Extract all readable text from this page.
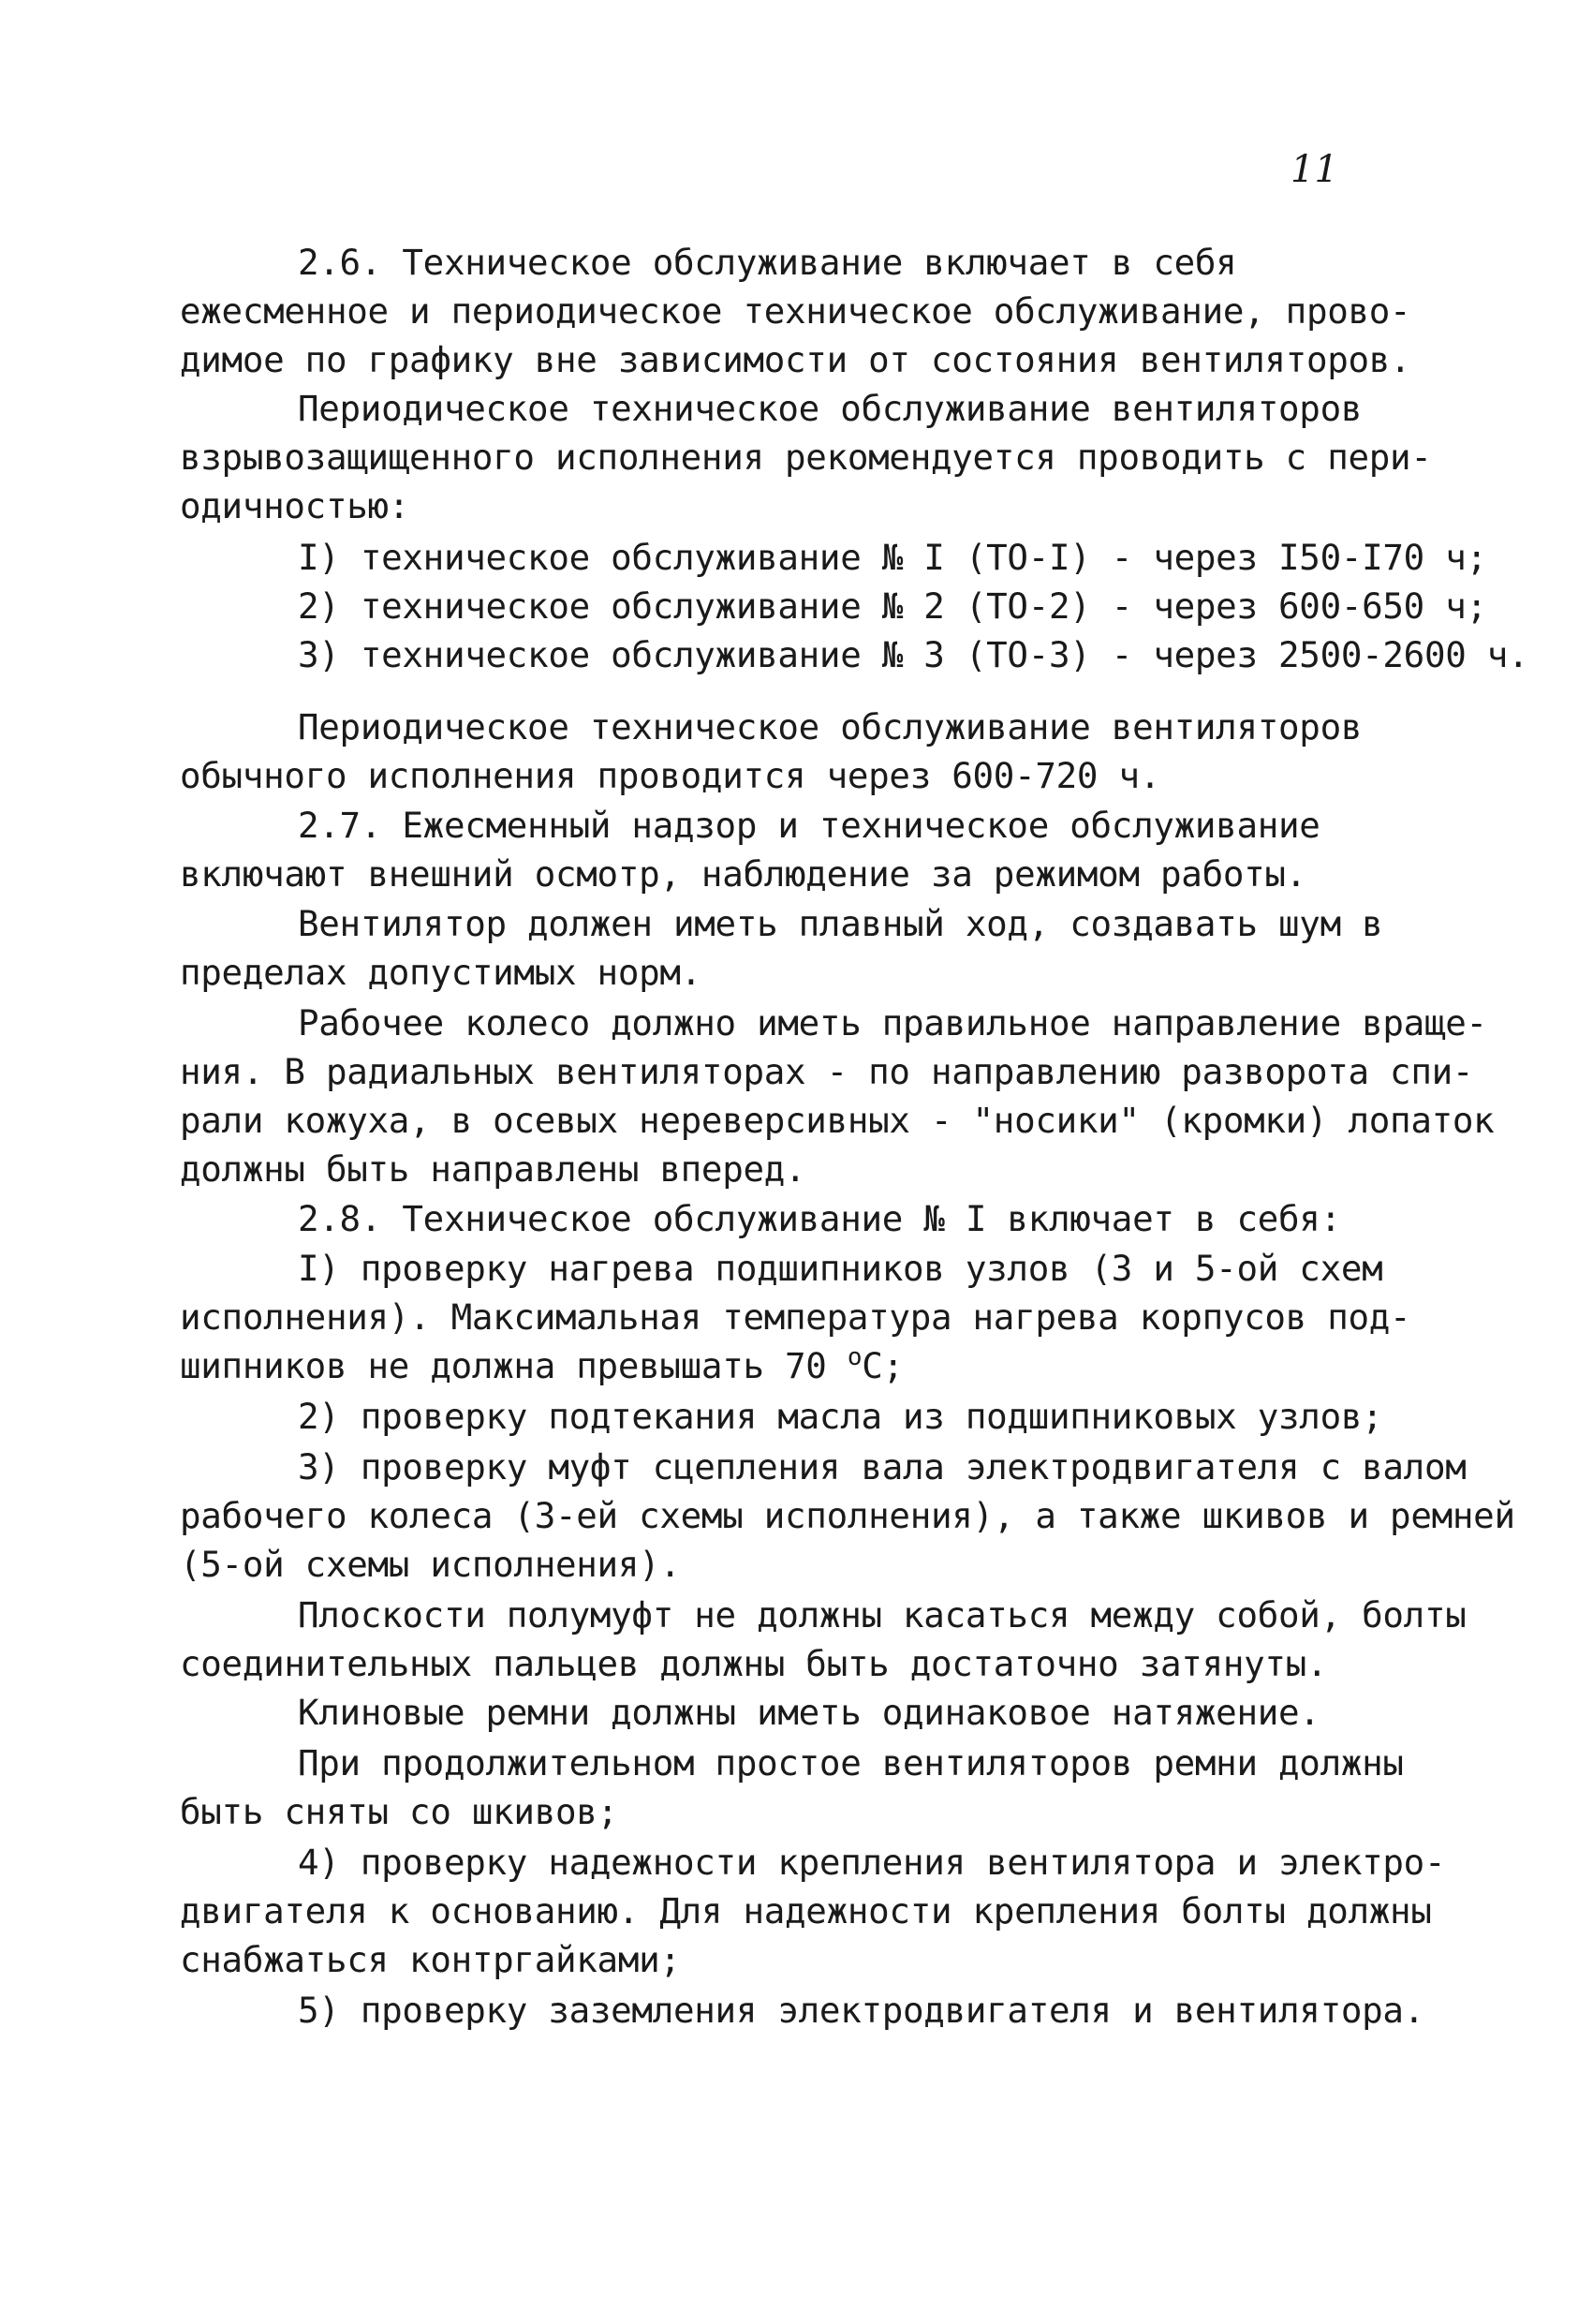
11
2.6. Техническое обслуживание включает в себя
ежесменное и периодическое техническое обслуживание, прово-
димое по графику вне зависимости от состояния вентиляторов.
Периодическое техническое обслуживание вентиляторов
взрывозащищенного исполнения рекомендуется проводить с пери-
одичностью:
I) техническое обслуживание № I (ТО-I) - через I50-I70 ч;
2) техническое обслуживание № 2 (ТО-2) - через 600-650 ч;
3) техническое обслуживание № 3 (ТО-3) - через 2500-2600 ч.
Периодическое техническое обслуживание вентиляторов
обычного исполнения проводится через 600-720 ч.
2.7. Ежесменный надзор и техническое обслуживание
включают внешний осмотр, наблюдение за режимом работы.
Вентилятор должен иметь плавный ход, создавать шум в
пределах допустимых норм.
Рабочее колесо должно иметь правильное направление враще-
ния. В радиальных вентиляторах - по направлению разворота спи-
рали кожуха, в осевых нереверсивных - "носики" (кромки) лопаток
должны быть направлены вперед.
2.8. Техническое обслуживание № I включает в себя:
I) проверку нагрева подшипников узлов (3 и 5-ой схем
исполнения). Максимальная температура нагрева корпусов под-
шипников не должна превышать 70 $^о$С;
2) проверку подтекания масла из подшипниковых узлов;
3) проверку муфт сцепления вала электродвигателя с валом
рабочего колеса (3-ей схемы исполнения), а также шкивов и ремней
(5-ой схемы исполнения).
Плоскости полумуфт не должны касаться между собой, болты
соединительных пальцев должны быть достаточно затянуты.
Клиновые ремни должны иметь одинаковое натяжение.
При продолжительном простое вентиляторов ремни должны
быть сняты со шкивов;
4) проверку надежности крепления вентилятора и электро-
двигателя к основанию. Для надежности крепления болты должны
снабжаться контргайками;
5) проверку заземления электродвигателя и вентилятора.
